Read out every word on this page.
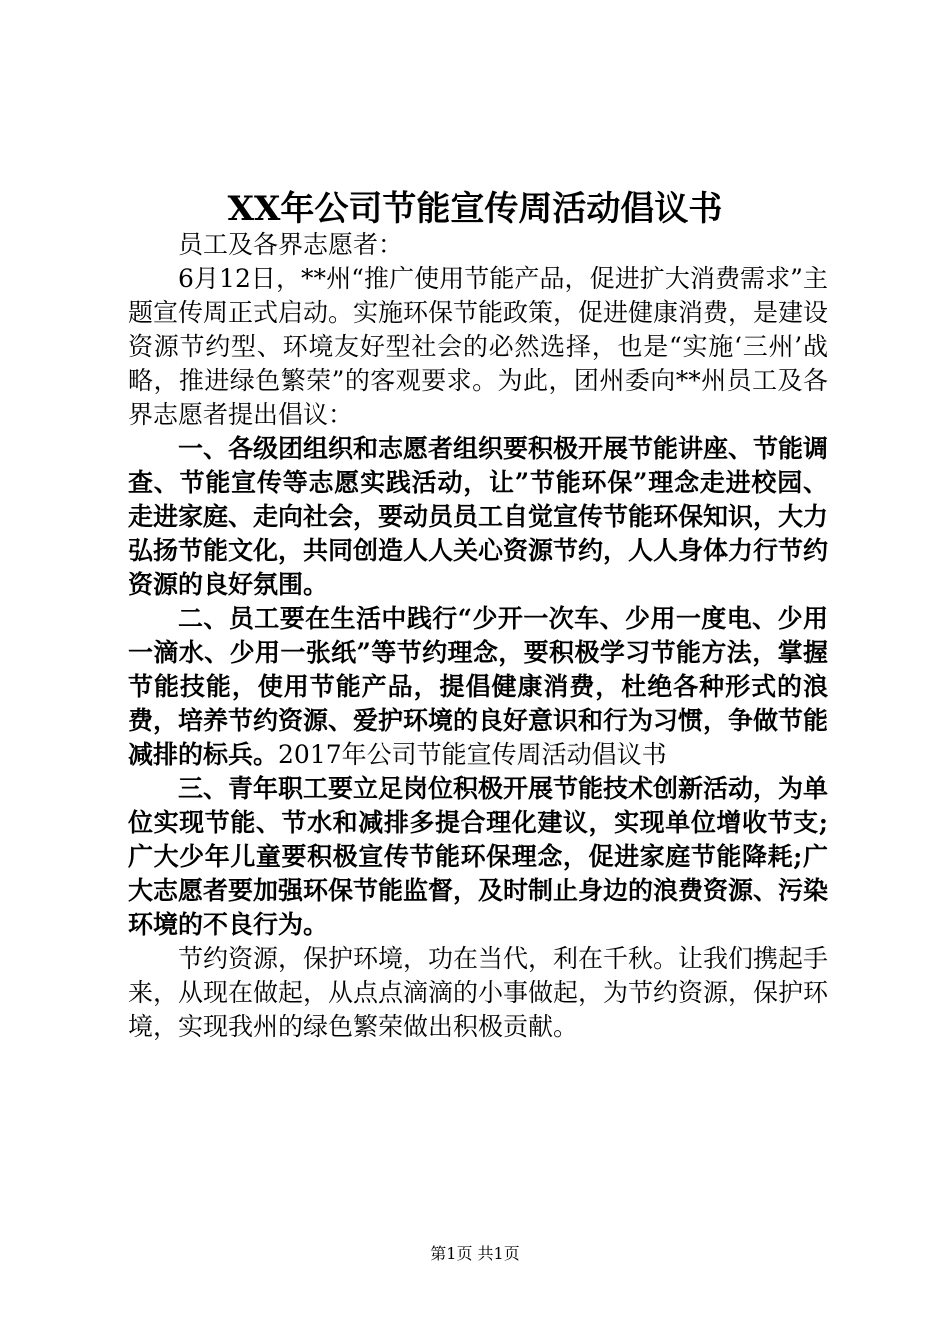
XX年公司节能宣传周活动倡议书

员工及各界志愿者：

6月12日，**州“推广使用节能产品，促进扩大消费需求”主题宣传周正式启动。实施环保节能政策，促进健康消费，是建设资源节约型、环境友好型社会的必然选择，也是“实施‘三州’战略，推进绿色繁荣”的客观要求。为此，团州委向**州员工及各界志愿者提出倡议：

一、各级团组织和志愿者组织要积极开展节能讲座、节能调查、节能宣传等志愿实践活动，让”节能环保”理念走进校园、走进家庭、走向社会，要动员员工自觉宣传节能环保知识，大力弘扬节能文化，共同创造人人关心资源节约，人人身体力行节约资源的良好氛围。

二、员工要在生活中践行“少开一次车、少用一度电、少用一滴水、少用一张纸”等节约理念，要积极学习节能方法，掌握节能技能，使用节能产品，提倡健康消费，杜绝各种形式的浪费，培养节约资源、爱护环境的良好意识和行为习惯，争做节能减排的标兵。2017年公司节能宣传周活动倡议书

三、青年职工要立足岗位积极开展节能技术创新活动，为单位实现节能、节水和减排多提合理化建议，实现单位增收节支;广大少年儿童要积极宣传节能环保理念，促进家庭节能降耗;广大志愿者要加强环保节能监督，及时制止身边的浪费资源、污染环境的不良行为。

节约资源，保护环境，功在当代，利在千秋。让我们携起手来，从现在做起，从点点滴滴的小事做起，为节约资源，保护环境，实现我州的绿色繁荣做出积极贡献。

第1页 共1页
